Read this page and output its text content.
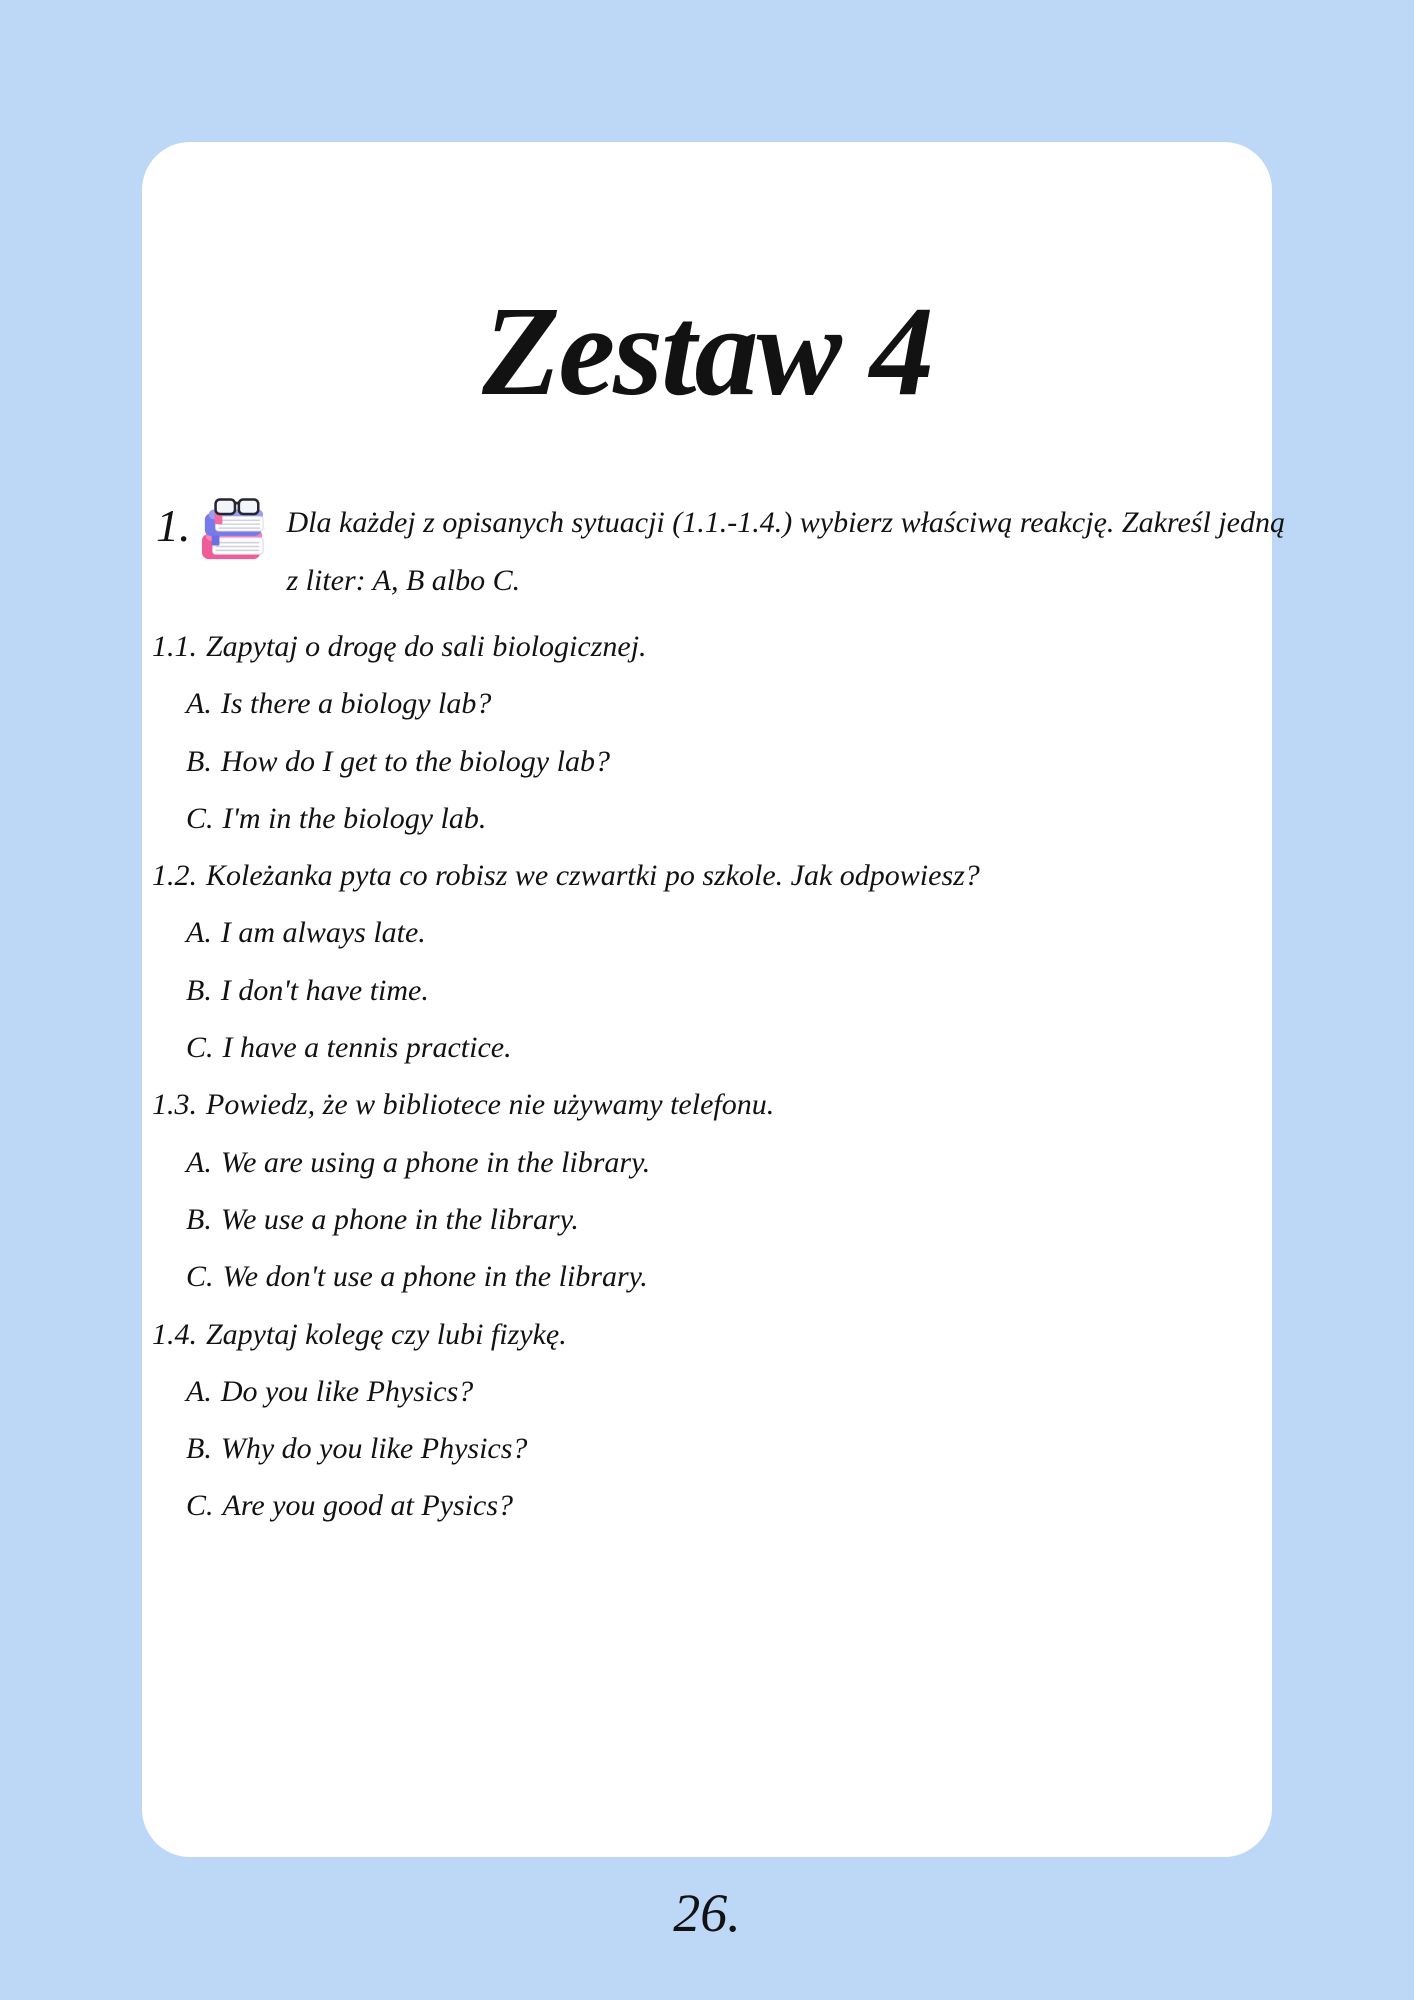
Zestaw 4
1.	Dla każdej z opisanych sytuacji (1.1.-1.4.) wybierz właściwą reakcję. Zakreśl jedną
z liter: A, B albo C.
1.1. Zapytaj o drogę do sali biologicznej.
A. Is there a biology lab?
B. How do I get to the biology lab?
C. I'm in the biology lab.
1.2. Koleżanka pyta co robisz we czwartki po szkole. Jak odpowiesz?
A. I am always late.
B. I don't have time.
C. I have a tennis practice.
1.3. Powiedz, że w bibliotece nie używamy telefonu.
A. We are using a phone in the library.
B. We use a phone in the library.
C. We don't use a phone in the library.
1.4. Zapytaj kolegę czy lubi fizykę.
A. Do you like Physics?
B. Why do you like Physics?
C. Are you good at Pysics?
26.
